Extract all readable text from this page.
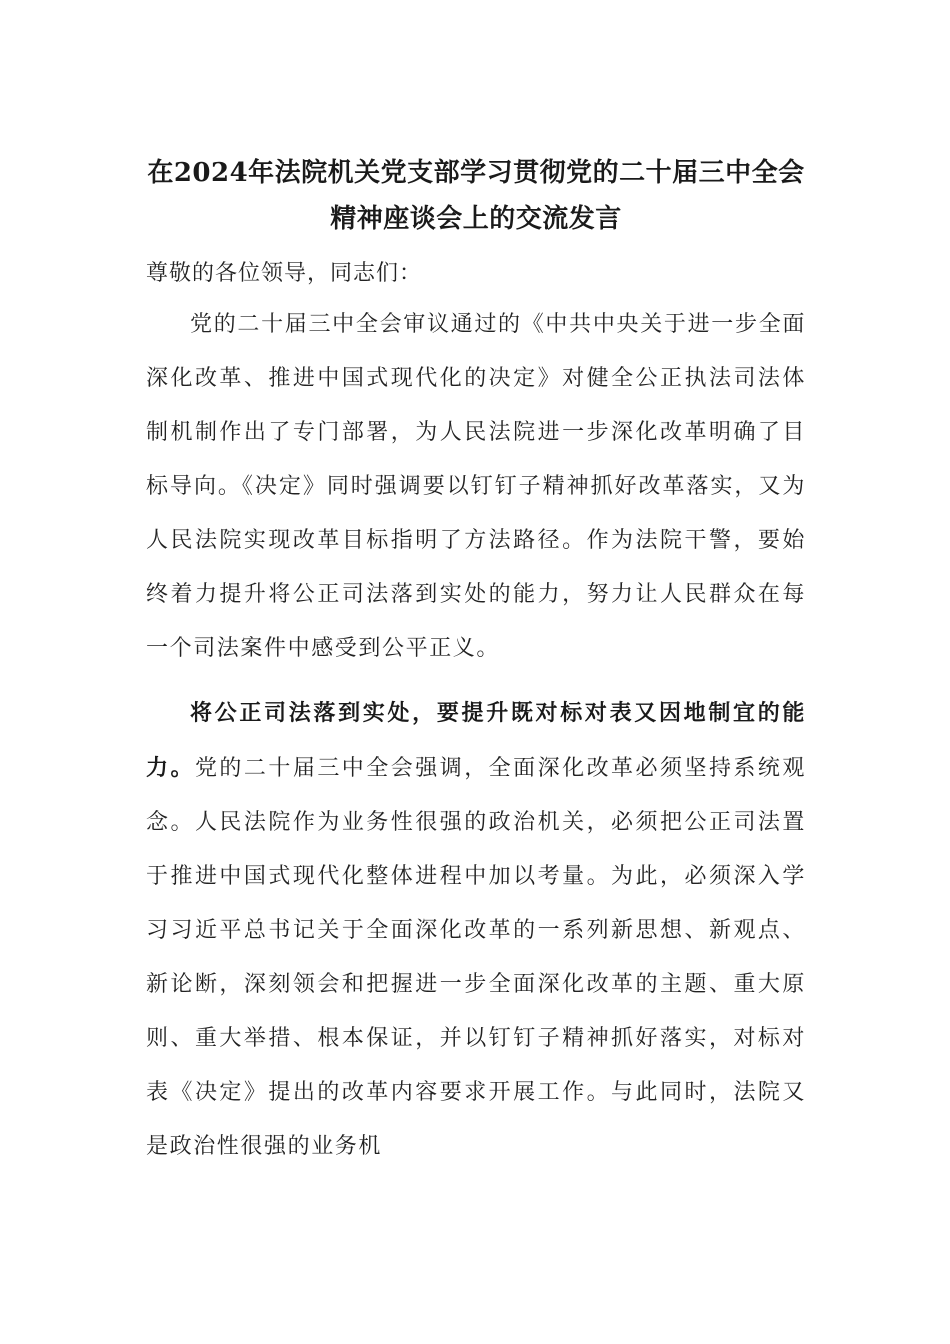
在2024年法院机关党支部学习贯彻党的二十届三中全会精神座谈会上的交流发言

尊敬的各位领导，同志们：

党的二十届三中全会审议通过的《中共中央关于进一步全面深化改革、推进中国式现代化的决定》对健全公正执法司法体制机制作出了专门部署，为人民法院进一步深化改革明确了目标导向。《决定》同时强调要以钉钉子精神抓好改革落实，又为人民法院实现改革目标指明了方法路径。作为法院干警，要始终着力提升将公正司法落到实处的能力，努力让人民群众在每一个司法案件中感受到公平正义。

将公正司法落到实处，要提升既对标对表又因地制宜的能力。党的二十届三中全会强调，全面深化改革必须坚持系统观念。人民法院作为业务性很强的政治机关，必须把公正司法置于推进中国式现代化整体进程中加以考量。为此，必须深入学习习近平总书记关于全面深化改革的一系列新思想、新观点、新论断，深刻领会和把握进一步全面深化改革的主题、重大原则、重大举措、根本保证，并以钉钉子精神抓好落实，对标对表《决定》提出的改革内容要求开展工作。与此同时，法院又是政治性很强的业务机
